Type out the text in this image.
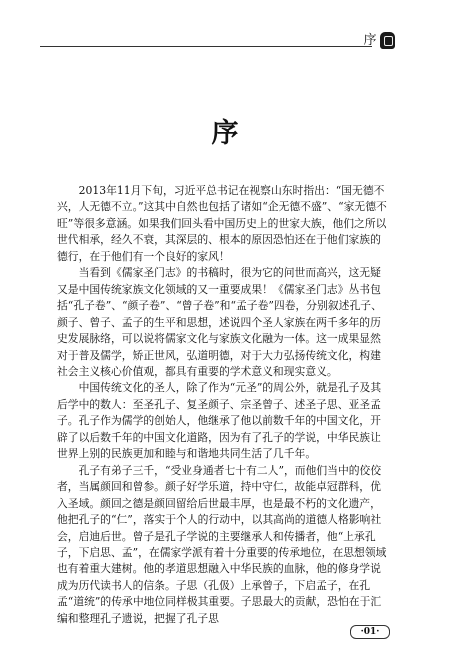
序
序

2013年11月下旬，习近平总书记在视察山东时指出：“国无德不兴，人无德不立。”这其中自然也包括了诸如“企无德不盛”、“家无德不旺”等很多意涵。如果我们回头看中国历史上的世家大族，他们之所以世代相承，经久不衰，其深层的、根本的原因恐怕还在于他们家族的德行，在于他们有一个良好的家风！

当看到《儒家圣门志》的书稿时，很为它的问世而高兴，这无疑又是中国传统家族文化领域的又一重要成果！《儒家圣门志》丛书包括“孔子卷”、“颜子卷”、“曾子卷”和“孟子卷”四卷，分别叙述孔子、颜子、曾子、孟子的生平和思想，述说四个圣人家族在两千多年的历史发展脉络，可以说将儒家文化与家族文化融为一体。这一成果显然对于普及儒学，矫正世风，弘道明德，对于大力弘扬传统文化，构建社会主义核心价值观，都具有重要的学术意义和现实意义。

中国传统文化的圣人，除了作为“元圣”的周公外，就是孔子及其后学中的数人：至圣孔子、复圣颜子、宗圣曾子、述圣子思、亚圣孟子。孔子作为儒学的创始人，他继承了他以前数千年的中国文化，开辟了以后数千年的中国文化道路，因为有了孔子的学说，中华民族让世界上别的民族更加和睦与和谐地共同生活了几千年。

孔子有弟子三千，“受业身通者七十有二人”，而他们当中的佼佼者，当属颜回和曾参。颜子好学乐道，持中守仁，故能卓冠群科，优入圣域。颜回之德是颜回留给后世最丰厚，也是最不朽的文化遗产，他把孔子的“仁”，落实于个人的行动中，以其高尚的道德人格影响社会，启迪后世。曾子是孔子学说的主要继承人和传播者，他“上承孔子，下启思、孟”，在儒家学派有着十分重要的传承地位，在思想领域也有着重大建树。他的孝道思想融入中华民族的血脉，他的修身学说成为历代读书人的信条。子思（孔伋）上承曾子，下启孟子，在孔孟“道统”的传承中地位同样极其重要。子思最大的贡献，恐怕在于汇编和整理孔子遗说，把握了孔子思

·01·
